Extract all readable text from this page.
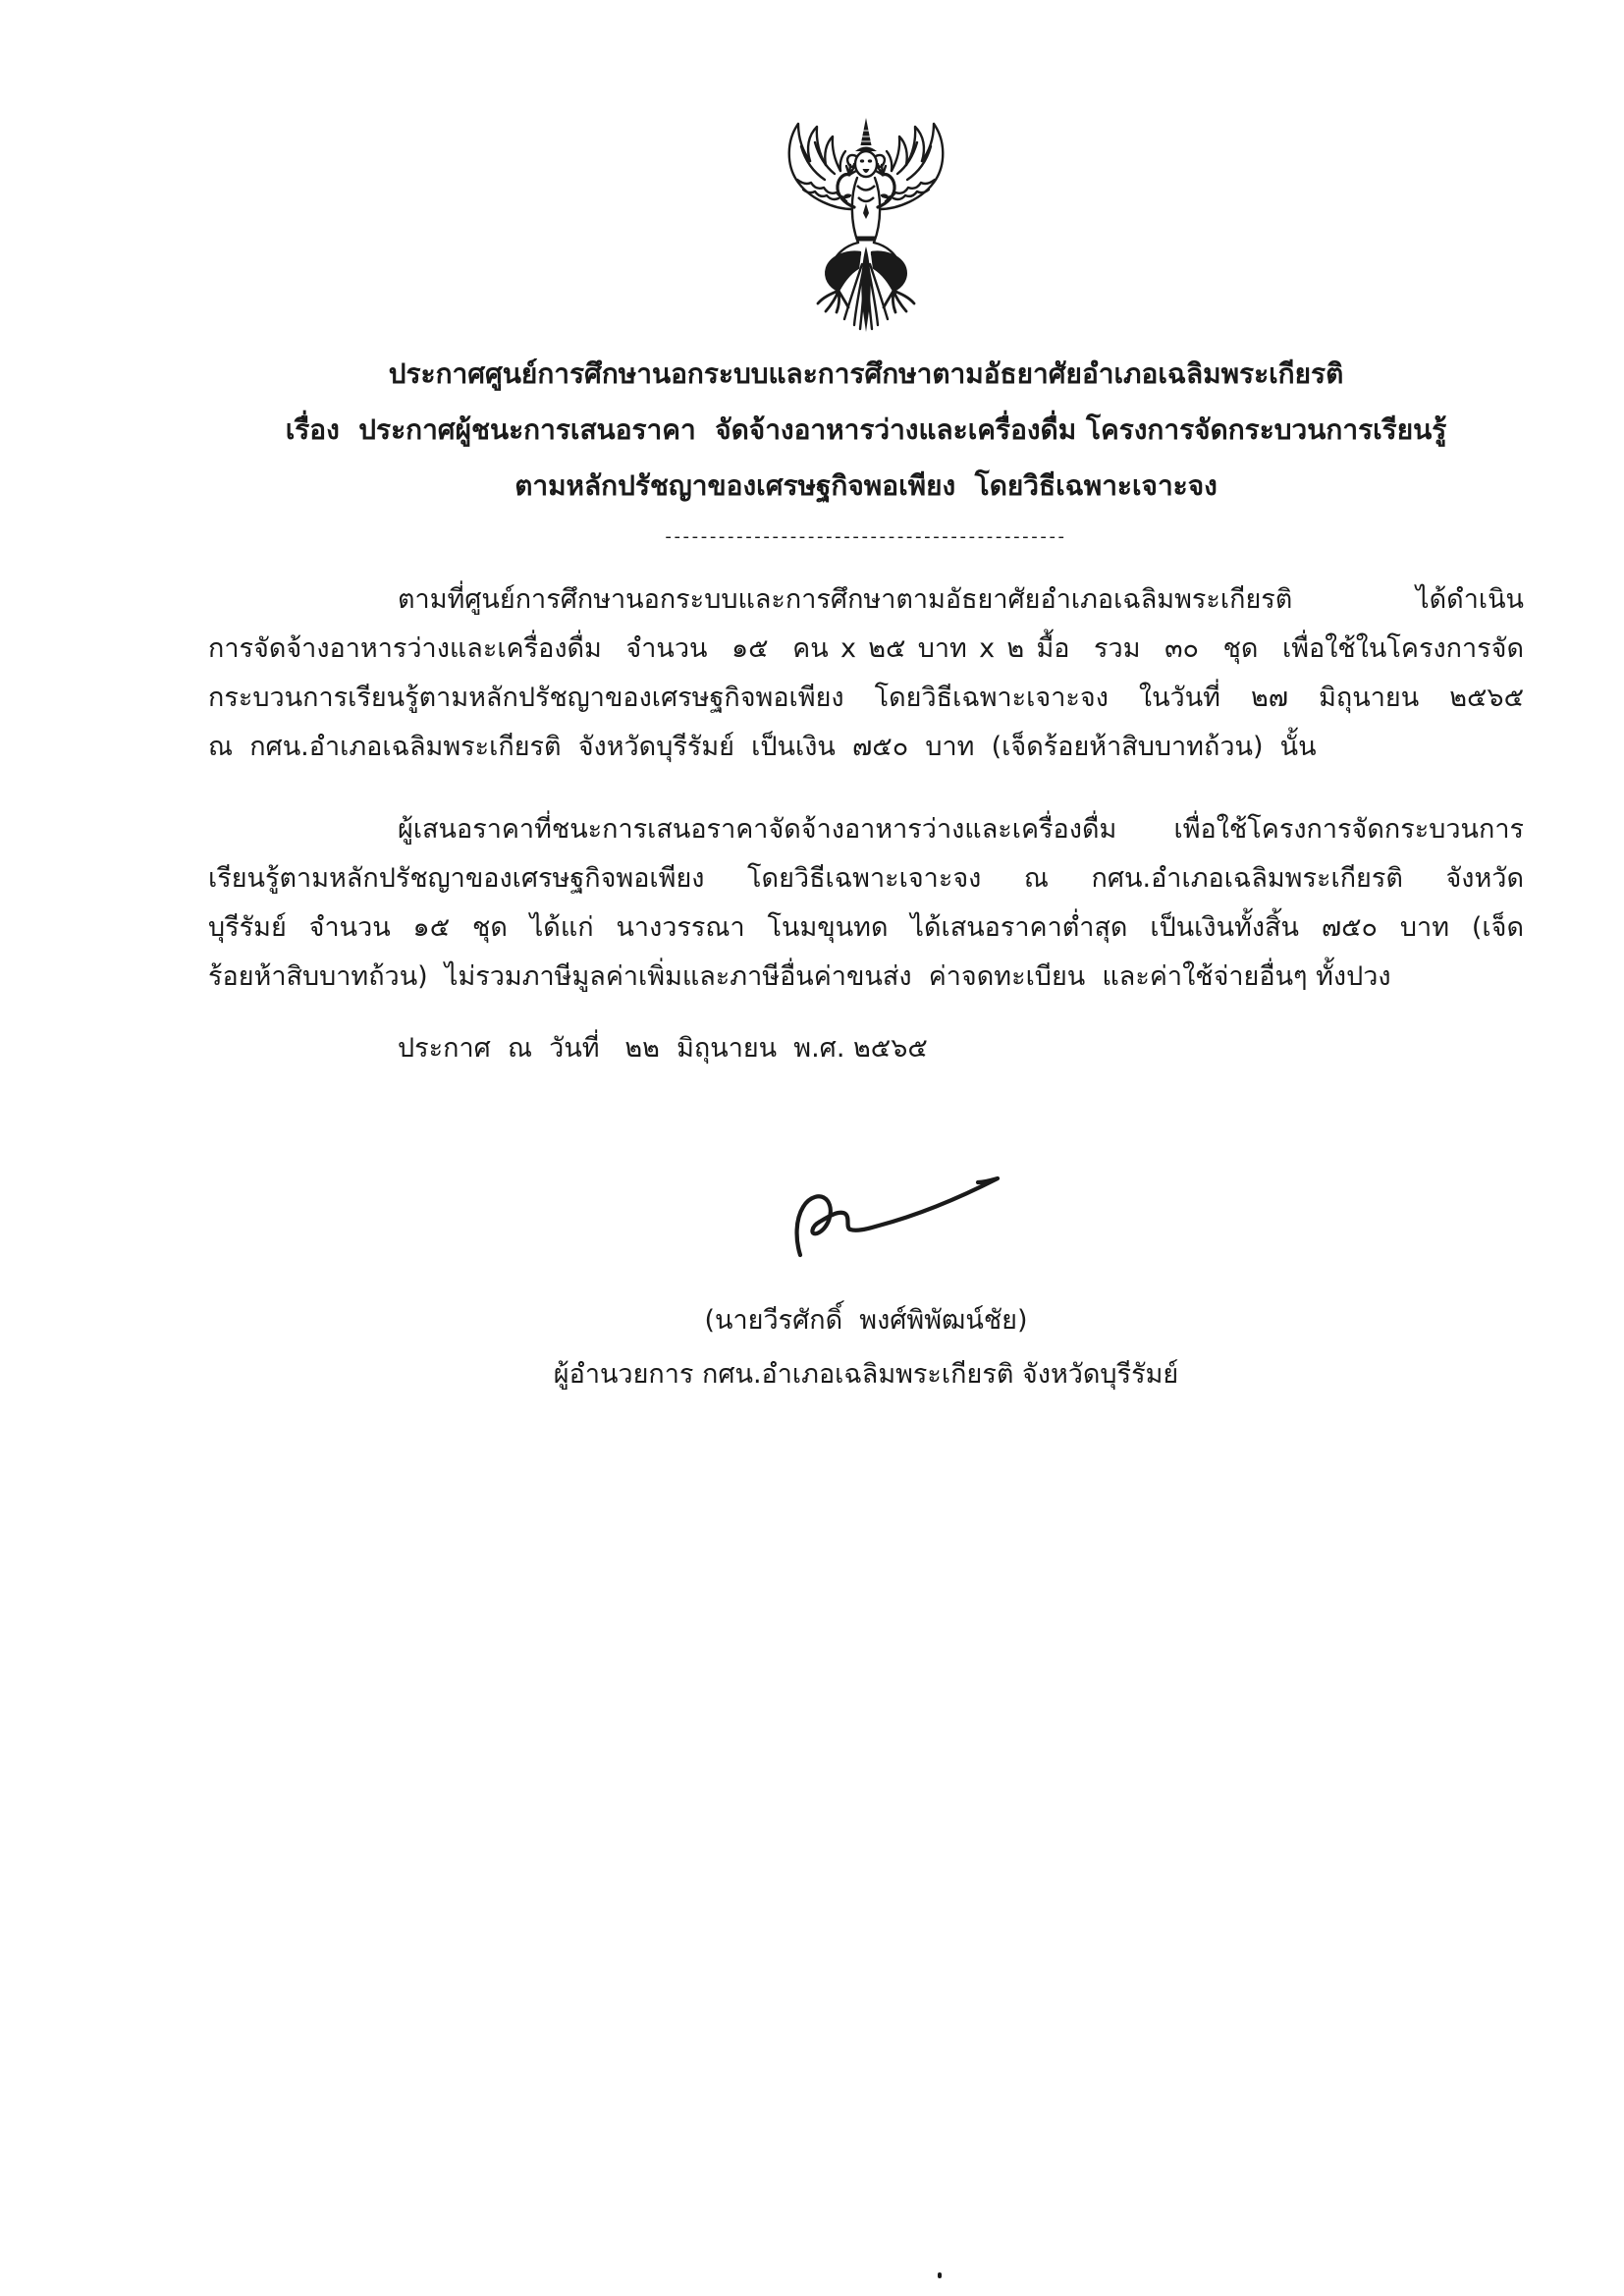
ประกาศศูนย์การศึกษานอกระบบและการศึกษาตามอัธยาศัยอำเภอเฉลิมพระเกียรติ
เรื่อง  ประกาศผู้ชนะการเสนอราคา  จัดจ้างอาหารว่างและเครื่องดื่ม โครงการจัดกระบวนการเรียนรู้
ตามหลักปรัชญาของเศรษฐกิจพอเพียง  โดยวิธีเฉพาะเจาะจง
---------------------------------------------
ตามที่ศูนย์การศึกษานอกระบบและการศึกษาตามอัธยาศัยอำเภอเฉลิมพระเกียรติ  ได้ดำเนิน
การจัดจ้างอาหารว่างและเครื่องดื่ม  จำนวน  ๑๕  คน x ๒๕ บาท x ๒ มื้อ  รวม  ๓๐  ชุด  เพื่อใช้ในโครงการจัด
กระบวนการเรียนรู้ตามหลักปรัชญาของเศรษฐกิจพอเพียง  โดยวิธีเฉพาะเจาะจง  ในวันที่  ๒๗  มิถุนายน  ๒๕๖๕
ณ  กศน.อำเภอเฉลิมพระเกียรติ  จังหวัดบุรีรัมย์  เป็นเงิน  ๗๕๐  บาท  (เจ็ดร้อยห้าสิบบาทถ้วน)  นั้น
ผู้เสนอราคาที่ชนะการเสนอราคาจัดจ้างอาหารว่างและเครื่องดื่ม  เพื่อใช้โครงการจัดกระบวนการ
เรียนรู้ตามหลักปรัชญาของเศรษฐกิจพอเพียง  โดยวิธีเฉพาะเจาะจง  ณ  กศน.อำเภอเฉลิมพระเกียรติ  จังหวัด
บุรีรัมย์  จำนวน  ๑๕  ชุด  ได้แก่  นางวรรณา  โนมขุนทด  ได้เสนอราคาต่ำสุด  เป็นเงินทั้งสิ้น  ๗๕๐  บาท  (เจ็ด
ร้อยห้าสิบบาทถ้วน)  ไม่รวมภาษีมูลค่าเพิ่มและภาษีอื่นค่าขนส่ง  ค่าจดทะเบียน  และค่าใช้จ่ายอื่นๆ ทั้งปวง
ประกาศ  ณ  วันที่   ๒๒  มิถุนายน  พ.ศ. ๒๕๖๕
(นายวีรศักดิ์  พงศ์พิพัฒน์ชัย)
ผู้อำนวยการ กศน.อำเภอเฉลิมพระเกียรติ จังหวัดบุรีรัมย์
